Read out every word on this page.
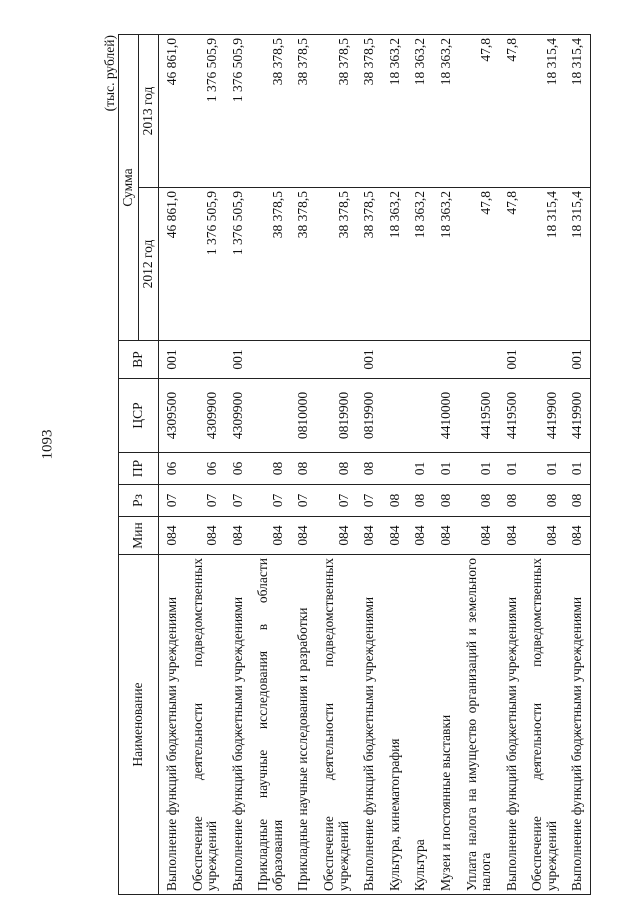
1093
(тыс. рублей)
Наименование	Мин	Рз	ПР	ЦСР	ВР	Сумма	
						2012 год	2013 год
Выполнение функций бюджетными учреждениями	084	07	06	4309500	001	46 861,0	46 861,0
Обеспечение деятельности подведомственных учреждений	084	07	06	4309900		1 376 505,9	1 376 505,9
Выполнение функций бюджетными учреждениями	084	07	06	4309900	001	1 376 505,9	1 376 505,9
Прикладные научные исследования в области образования	084	07	08			38 378,5	38 378,5
Прикладные научные исследования и разработки	084	07	08	0810000		38 378,5	38 378,5
Обеспечение деятельности подведомственных учреждений	084	07	08	0819900		38 378,5	38 378,5
Выполнение функций бюджетными учреждениями	084	07	08	0819900	001	38 378,5	38 378,5
Культура, кинематография	084	08				18 363,2	18 363,2
Культура	084	08	01			18 363,2	18 363,2
Музеи и постоянные выставки	084	08	01	4410000		18 363,2	18 363,2
Уплата налога на имущество организаций и земельного налога	084	08	01	4419500		47,8	47,8
Выполнение функций бюджетными учреждениями	084	08	01	4419500	001	47,8	47,8
Обеспечение деятельности подведомственных учреждений	084	08	01	4419900		18 315,4	18 315,4
Выполнение функций бюджетными учреждениями	084	08	01	4419900	001	18 315,4	18 315,4
